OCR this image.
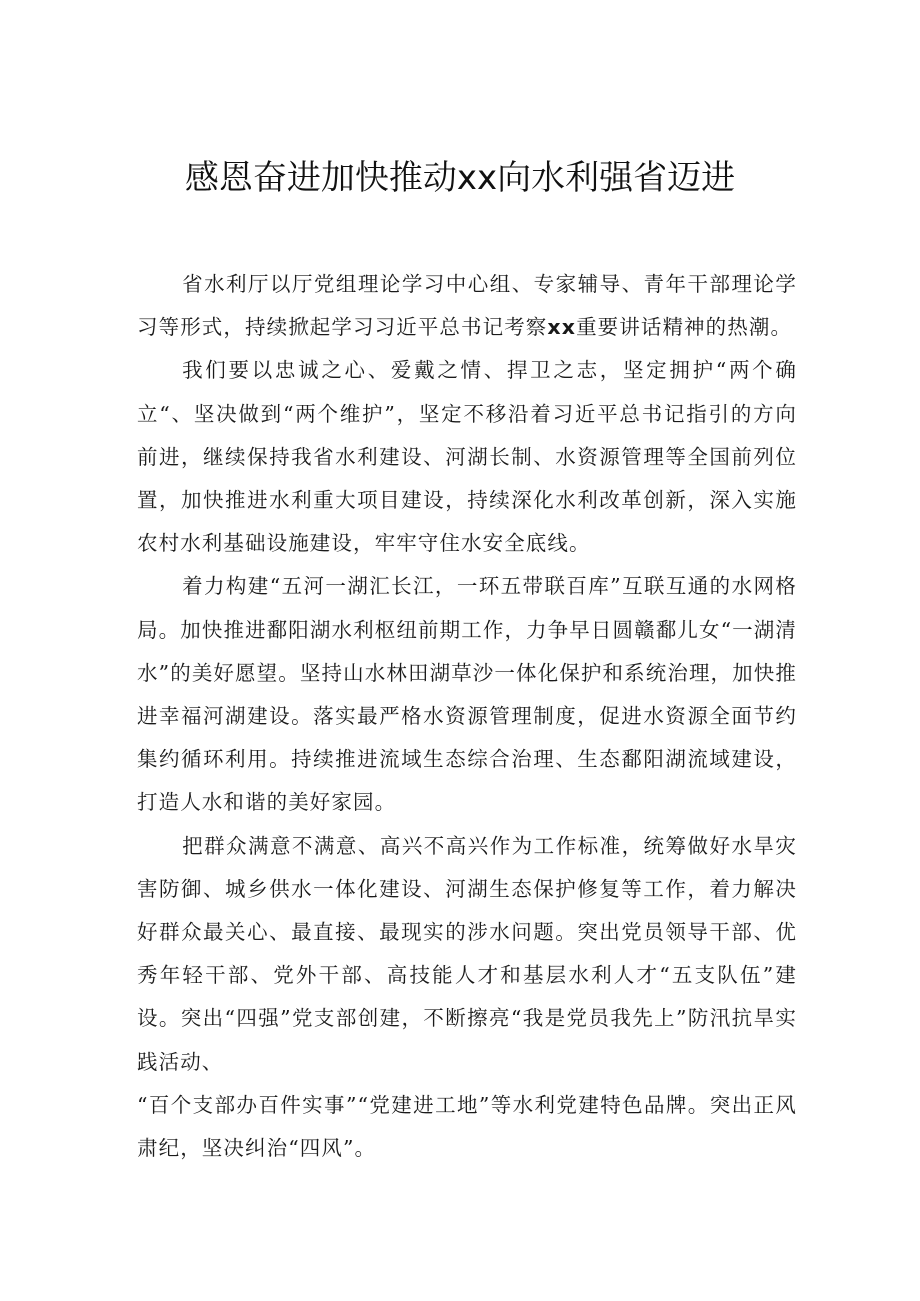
感恩奋进加快推动xx向水利强省迈进

省水利厅以厅党组理论学习中心组、专家辅导、青年干部理论学习等形式，持续掀起学习习近平总书记考察xx重要讲话精神的热潮。

我们要以忠诚之心、爱戴之情、捍卫之志，坚定拥护“两个确立“、坚决做到“两个维护”，坚定不移沿着习近平总书记指引的方向前进，继续保持我省水利建设、河湖长制、水资源管理等全国前列位置，加快推进水利重大项目建设，持续深化水利改革创新，深入实施农村水利基础设施建设，牢牢守住水安全底线。

着力构建“五河一湖汇长江，一环五带联百库”互联互通的水网格局。加快推进鄱阳湖水利枢纽前期工作，力争早日圆赣鄱儿女“一湖清水”的美好愿望。坚持山水林田湖草沙一体化保护和系统治理，加快推进幸福河湖建设。落实最严格水资源管理制度，促进水资源全面节约集约循环利用。持续推进流域生态综合治理、生态鄱阳湖流域建设，打造人水和谐的美好家园。

把群众满意不满意、高兴不高兴作为工作标准，统筹做好水旱灾害防御、城乡供水一体化建设、河湖生态保护修复等工作，着力解决好群众最关心、最直接、最现实的涉水问题。突出党员领导干部、优秀年轻干部、党外干部、高技能人才和基层水利人才“五支队伍”建设。突出“四强”党支部创建，不断擦亮“我是党员我先上”防汛抗旱实践活动、

“百个支部办百件实事”“党建进工地”等水利党建特色品牌。突出正风肃纪，坚决纠治“四风”。
